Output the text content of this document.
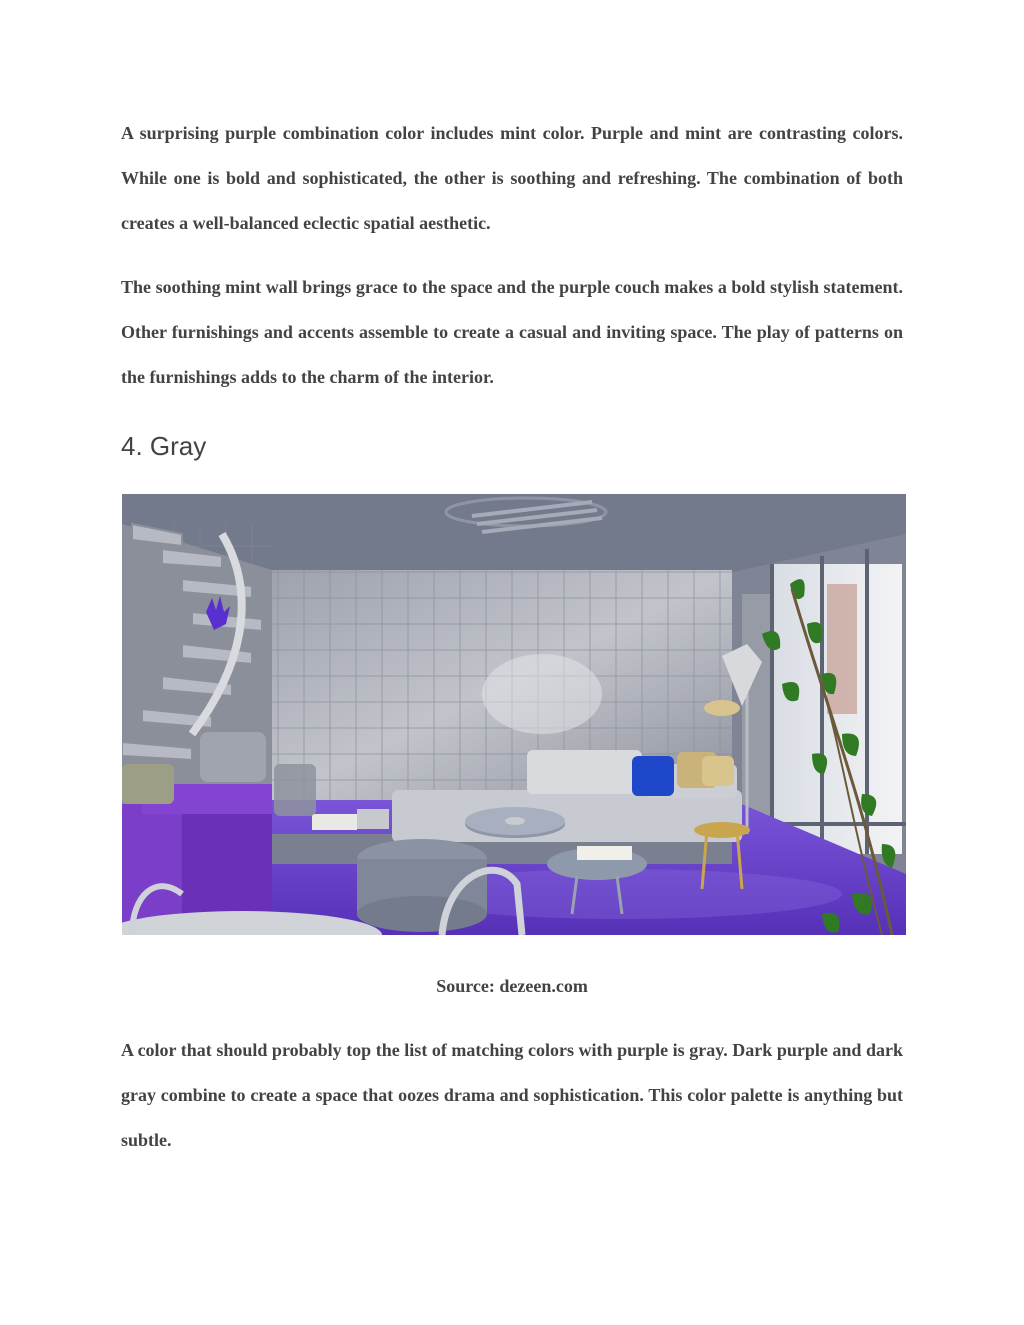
A surprising purple combination color includes mint color. Purple and mint are contrasting colors. While one is bold and sophisticated, the other is soothing and refreshing. The combination of both creates a well-balanced eclectic spatial aesthetic.

The soothing mint wall brings grace to the space and the purple couch makes a bold stylish statement. Other furnishings and accents assemble to create a casual and inviting space. The play of patterns on the furnishings adds to the charm of the interior.

4. Gray

Source: dezeen.com

A color that should probably top the list of matching colors with purple is gray. Dark purple and dark gray combine to create a space that oozes drama and sophistication. This color palette is anything but subtle.
